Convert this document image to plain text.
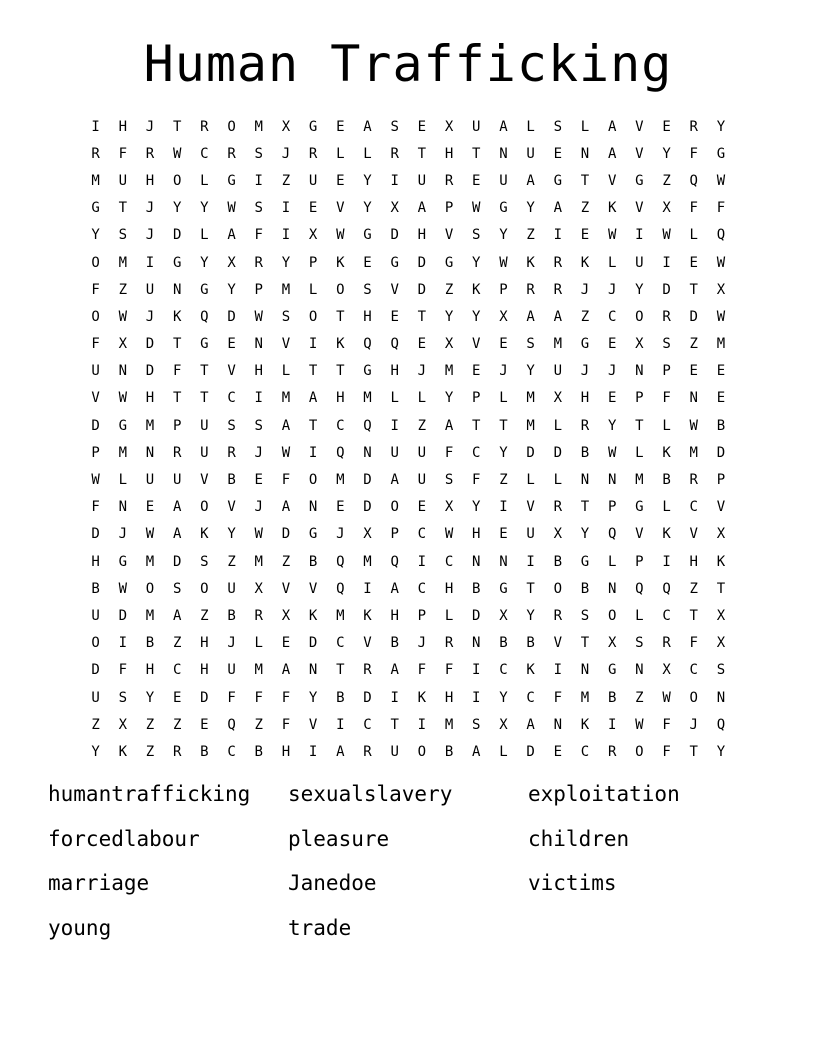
Human Trafficking
I	H	J	T	R	O	M	X	G	E	A	S	E	X	U	A	L	S	L	A	V	E	R	Y
R	F	R	W	C	R	S	J	R	L	L	R	T	H	T	N	U	E	N	A	V	Y	F	G
M	U	H	O	L	G	I	Z	U	E	Y	I	U	R	E	U	A	G	T	V	G	Z	Q	W
G	T	J	Y	Y	W	S	I	E	V	Y	X	A	P	W	G	Y	A	Z	K	V	X	F	F
Y	S	J	D	L	A	F	I	X	W	G	D	H	V	S	Y	Z	I	E	W	I	W	L	Q
O	M	I	G	Y	X	R	Y	P	K	E	G	D	G	Y	W	K	R	K	L	U	I	E	W
F	Z	U	N	G	Y	P	M	L	O	S	V	D	Z	K	P	R	R	J	J	Y	D	T	X
O	W	J	K	Q	D	W	S	O	T	H	E	T	Y	Y	X	A	A	Z	C	O	R	D	W
F	X	D	T	G	E	N	V	I	K	Q	Q	E	X	V	E	S	M	G	E	X	S	Z	M
U	N	D	F	T	V	H	L	T	T	G	H	J	M	E	J	Y	U	J	J	N	P	E	E
V	W	H	T	T	C	I	M	A	H	M	L	L	Y	P	L	M	X	H	E	P	F	N	E
D	G	M	P	U	S	S	A	T	C	Q	I	Z	A	T	T	M	L	R	Y	T	L	W	B
P	M	N	R	U	R	J	W	I	Q	N	U	U	F	C	Y	D	D	B	W	L	K	M	D
W	L	U	U	V	B	E	F	O	M	D	A	U	S	F	Z	L	L	N	N	M	B	R	P
F	N	E	A	O	V	J	A	N	E	D	O	E	X	Y	I	V	R	T	P	G	L	C	V
D	J	W	A	K	Y	W	D	G	J	X	P	C	W	H	E	U	X	Y	Q	V	K	V	X
H	G	M	D	S	Z	M	Z	B	Q	M	Q	I	C	N	N	I	B	G	L	P	I	H	K
B	W	O	S	O	U	X	V	V	Q	I	A	C	H	B	G	T	O	B	N	Q	Q	Z	T
U	D	M	A	Z	B	R	X	K	M	K	H	P	L	D	X	Y	R	S	O	L	C	T	X
O	I	B	Z	H	J	L	E	D	C	V	B	J	R	N	B	B	V	T	X	S	R	F	X
D	F	H	C	H	U	M	A	N	T	R	A	F	F	I	C	K	I	N	G	N	X	C	S
U	S	Y	E	D	F	F	F	Y	B	D	I	K	H	I	Y	C	F	M	B	Z	W	O	N
Z	X	Z	Z	E	Q	Z	F	V	I	C	T	I	M	S	X	A	N	K	I	W	F	J	Q
Y	K	Z	R	B	C	B	H	I	A	R	U	O	B	A	L	D	E	C	R	O	F	T	Y
humantrafficking	sexualslavery	exploitation
forcedlabour	pleasure	children
marriage	Janedoe	victims
young	trade
